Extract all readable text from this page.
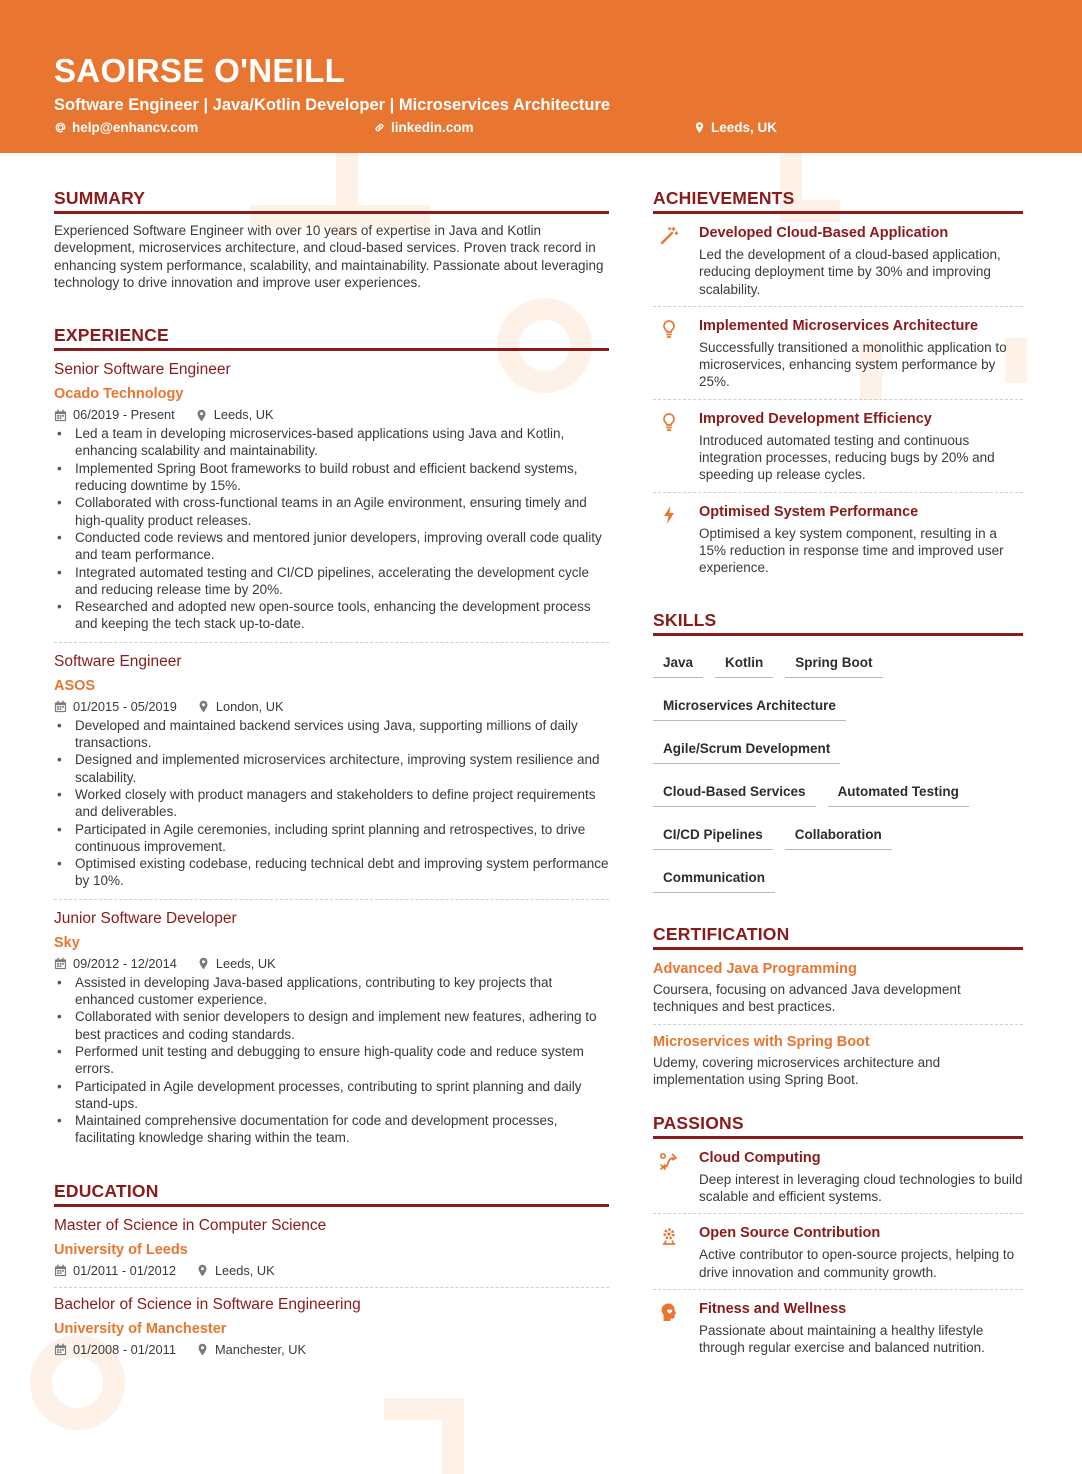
SAOIRSE O'NEILL
Software Engineer | Java/Kotlin Developer | Microservices Architecture
help@enhancv.com	linkedin.com	Leeds, UK
SUMMARY
Experienced Software Engineer with over 10 years of expertise in Java and Kotlin development, microservices architecture, and cloud-based services. Proven track record in enhancing system performance, scalability, and maintainability. Passionate about leveraging technology to drive innovation and improve user experiences.
EXPERIENCE
Senior Software Engineer
Ocado Technology
06/2019 - Present	Leeds, UK
• Led a team in developing microservices-based applications using Java and Kotlin, enhancing scalability and maintainability.
• Implemented Spring Boot frameworks to build robust and efficient backend systems, reducing downtime by 15%.
• Collaborated with cross-functional teams in an Agile environment, ensuring timely and high-quality product releases.
• Conducted code reviews and mentored junior developers, improving overall code quality and team performance.
• Integrated automated testing and CI/CD pipelines, accelerating the development cycle and reducing release time by 20%.
• Researched and adopted new open-source tools, enhancing the development process and keeping the tech stack up-to-date.
Software Engineer
ASOS
01/2015 - 05/2019	London, UK
• Developed and maintained backend services using Java, supporting millions of daily transactions.
• Designed and implemented microservices architecture, improving system resilience and scalability.
• Worked closely with product managers and stakeholders to define project requirements and deliverables.
• Participated in Agile ceremonies, including sprint planning and retrospectives, to drive continuous improvement.
• Optimised existing codebase, reducing technical debt and improving system performance by 10%.
Junior Software Developer
Sky
09/2012 - 12/2014	Leeds, UK
• Assisted in developing Java-based applications, contributing to key projects that enhanced customer experience.
• Collaborated with senior developers to design and implement new features, adhering to best practices and coding standards.
• Performed unit testing and debugging to ensure high-quality code and reduce system errors.
• Participated in Agile development processes, contributing to sprint planning and daily stand-ups.
• Maintained comprehensive documentation for code and development processes, facilitating knowledge sharing within the team.
EDUCATION
Master of Science in Computer Science
University of Leeds
01/2011 - 01/2012	Leeds, UK
Bachelor of Science in Software Engineering
University of Manchester
01/2008 - 01/2011	Manchester, UK
ACHIEVEMENTS
Developed Cloud-Based Application
Led the development of a cloud-based application, reducing deployment time by 30% and improving scalability.
Implemented Microservices Architecture
Successfully transitioned a monolithic application to microservices, enhancing system performance by 25%.
Improved Development Efficiency
Introduced automated testing and continuous integration processes, reducing bugs by 20% and speeding up release cycles.
Optimised System Performance
Optimised a key system component, resulting in a 15% reduction in response time and improved user experience.
SKILLS
Java	Kotlin	Spring Boot
Microservices Architecture
Agile/Scrum Development
Cloud-Based Services	Automated Testing
CI/CD Pipelines	Collaboration
Communication
CERTIFICATION
Advanced Java Programming
Coursera, focusing on advanced Java development techniques and best practices.
Microservices with Spring Boot
Udemy, covering microservices architecture and implementation using Spring Boot.
PASSIONS
Cloud Computing
Deep interest in leveraging cloud technologies to build scalable and efficient systems.
Open Source Contribution
Active contributor to open-source projects, helping to drive innovation and community growth.
Fitness and Wellness
Passionate about maintaining a healthy lifestyle through regular exercise and balanced nutrition.
